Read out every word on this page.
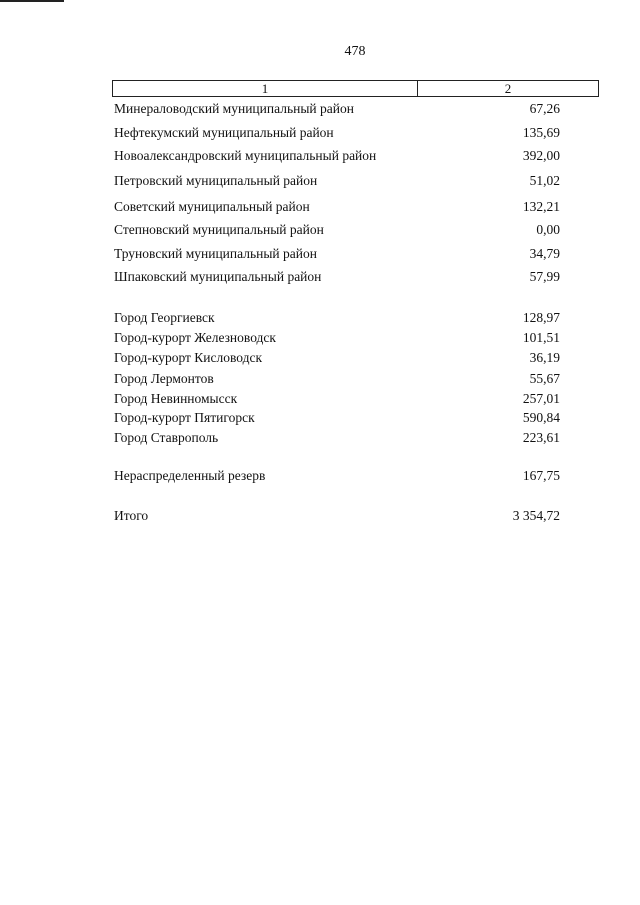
478
1	2
Минераловодский муниципальный район	67,26
Нефтекумский муниципальный район	135,69
Новоалександровский муниципальный район	392,00
Петровский муниципальный район	51,02
Советский муниципальный район	132,21
Степновский муниципальный район	0,00
Труновский муниципальный район	34,79
Шпаковский муниципальный район	57,99
Город Георгиевск	128,97
Город-курорт Железноводск	101,51
Город-курорт Кисловодск	36,19
Город Лермонтов	55,67
Город Невинномысск	257,01
Город-курорт Пятигорск	590,84
Город Ставрополь	223,61
Нераспределенный резерв	167,75
Итого	3 354,72
